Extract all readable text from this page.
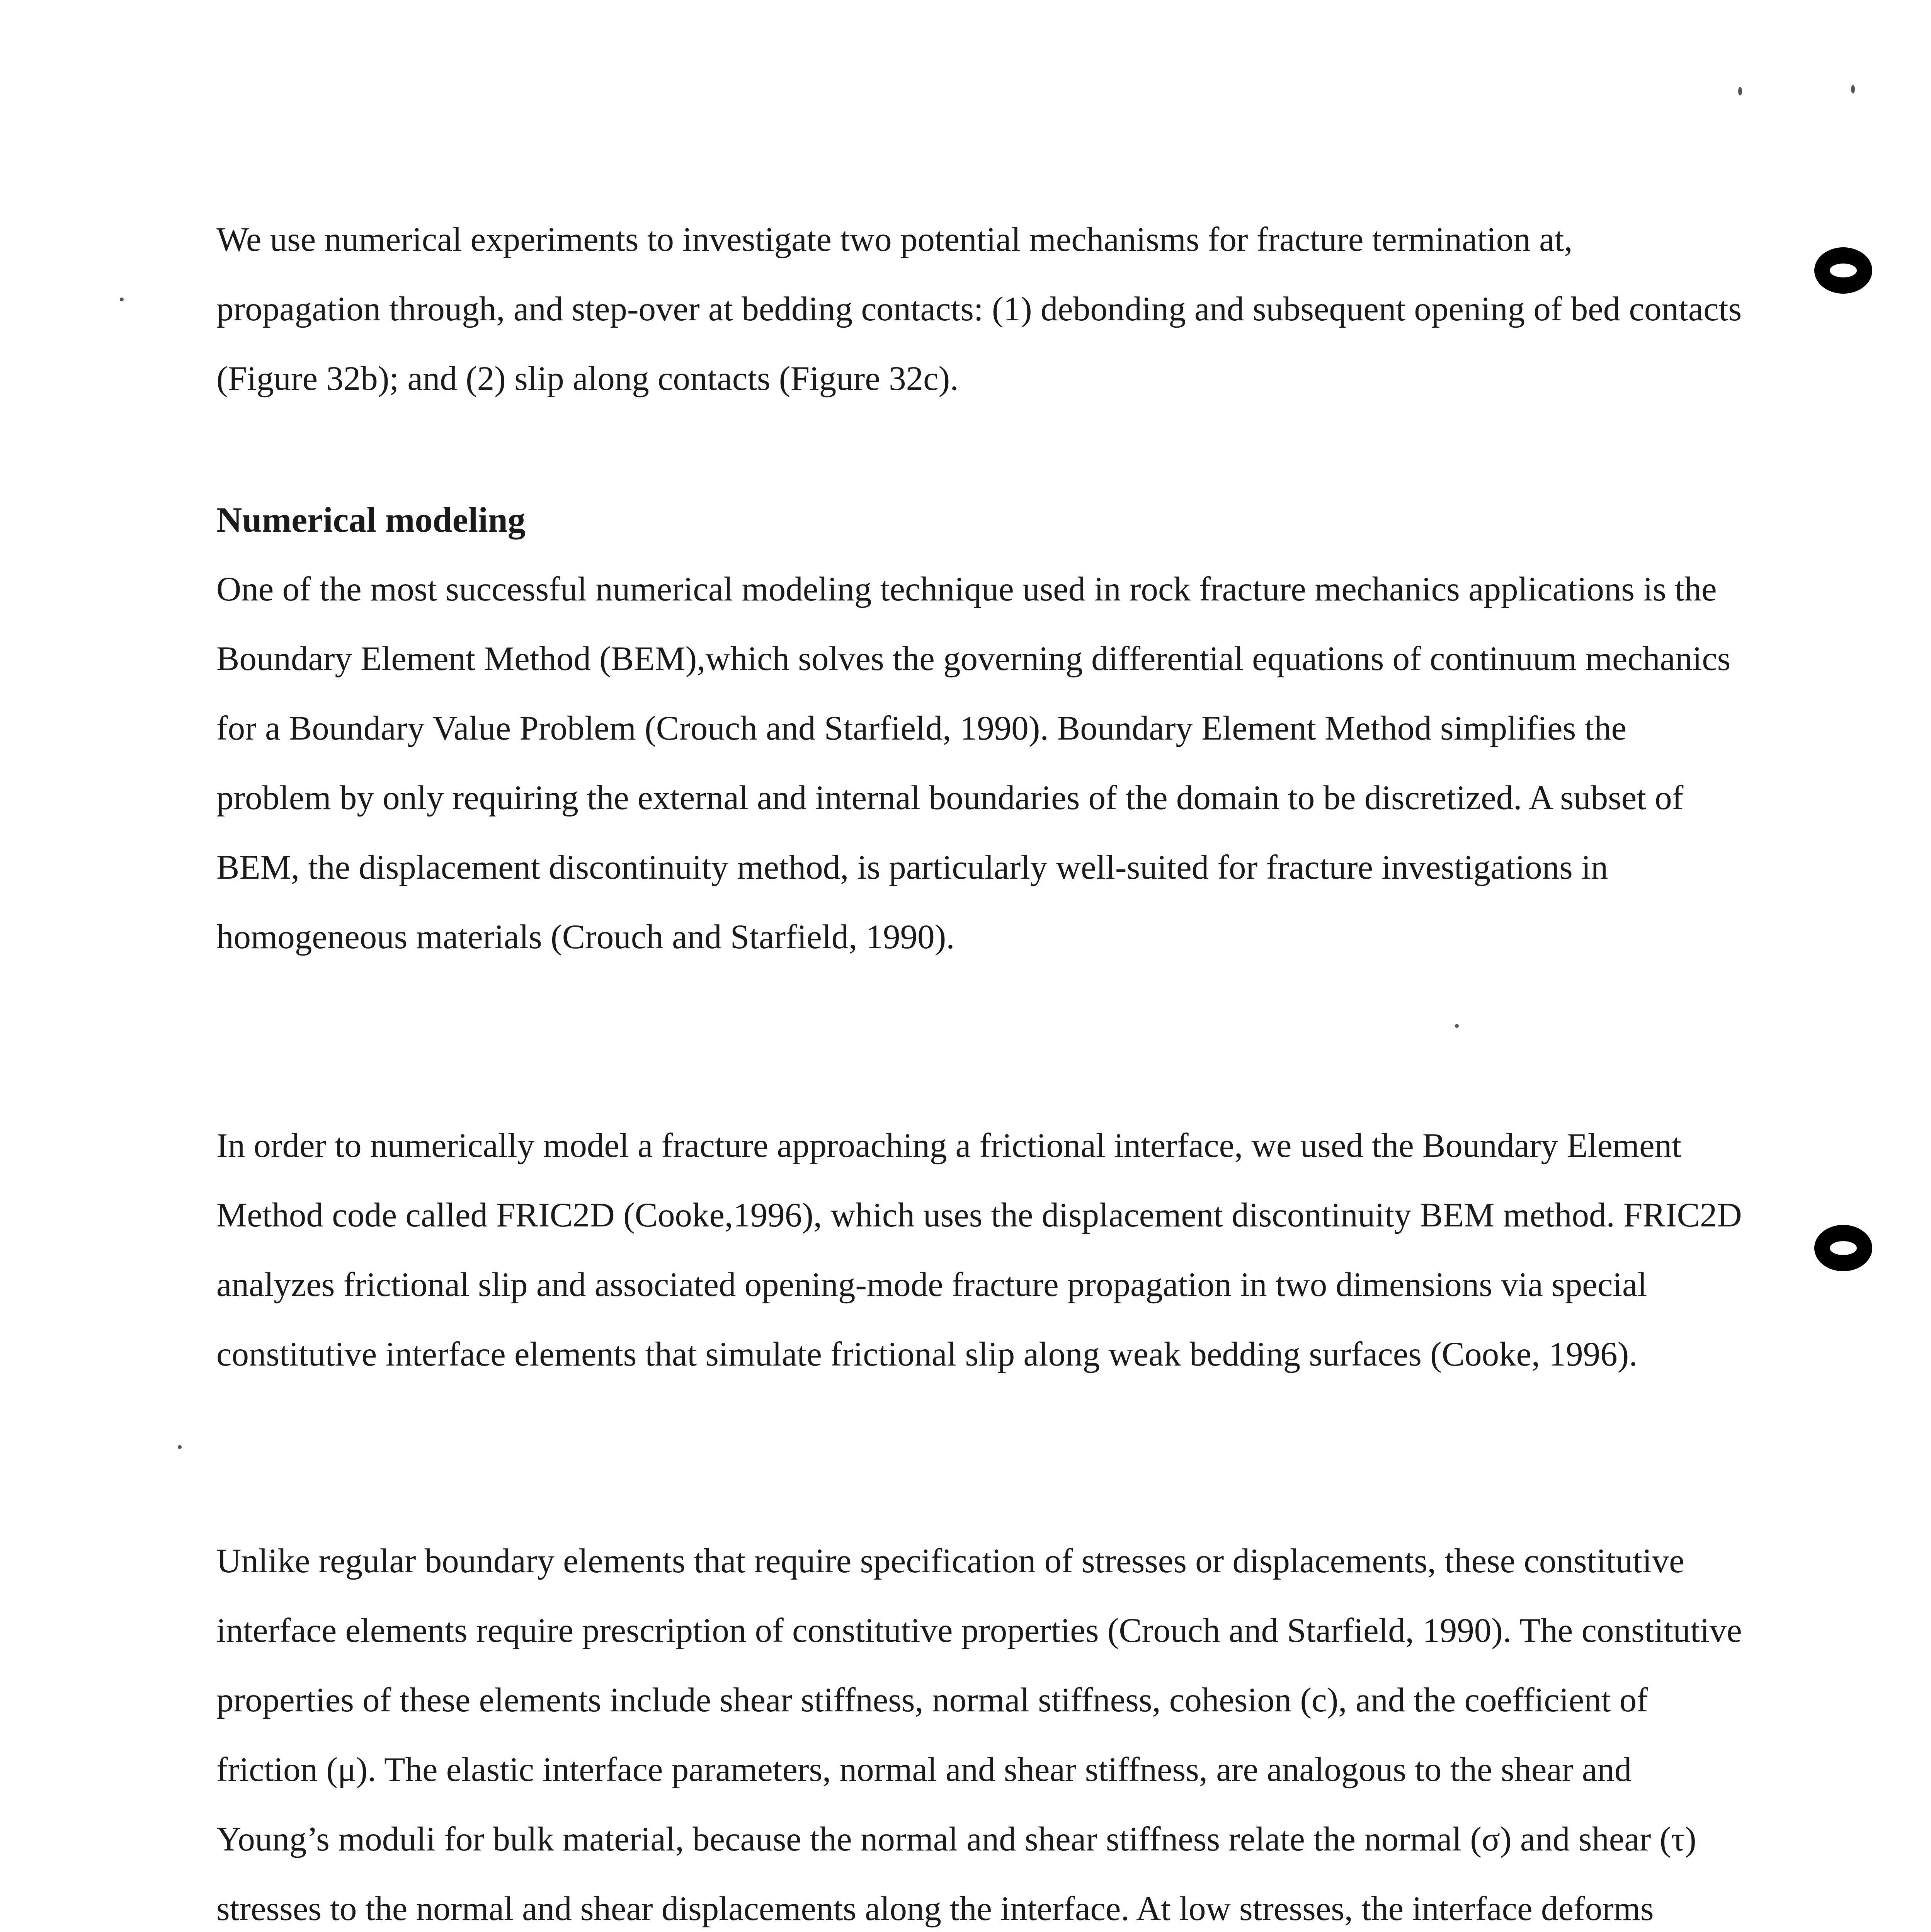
We use numerical experiments to investigate two potential mechanisms for fracture termination at, propagation through, and step-over at bedding contacts: (1) debonding and subsequent opening of bed contacts (Figure 32b); and (2) slip along contacts (Figure 32c).
Numerical modeling
One of the most successful numerical modeling technique used in rock fracture mechanics applications is the Boundary Element Method (BEM),which solves the governing differential equations of continuum mechanics for a Boundary Value Problem (Crouch and Starfield, 1990). Boundary Element Method simplifies the problem by only requiring the external and internal boundaries of the domain to be discretized. A subset of BEM, the displacement discontinuity method, is particularly well-suited for fracture investigations in homogeneous materials (Crouch and Starfield, 1990).
In order to numerically model a fracture approaching a frictional interface, we used the Boundary Element Method code called FRIC2D (Cooke,1996), which uses the displacement discontinuity BEM method. FRIC2D analyzes frictional slip and associated opening-mode fracture propagation in two dimensions via special constitutive interface elements that simulate frictional slip along weak bedding surfaces (Cooke, 1996).
Unlike regular boundary elements that require specification of stresses or displacements, these constitutive interface elements require prescription of constitutive properties (Crouch and Starfield, 1990). The constitutive properties of these elements include shear stiffness, normal stiffness, cohesion (c), and the coefficient of friction (μ). The elastic interface parameters, normal and shear stiffness, are analogous to the shear and Young’s moduli for bulk material, because the normal and shear stiffness relate the normal (σ) and shear (τ) stresses to the normal and shear displacements along the interface. At low stresses, the interface deforms
